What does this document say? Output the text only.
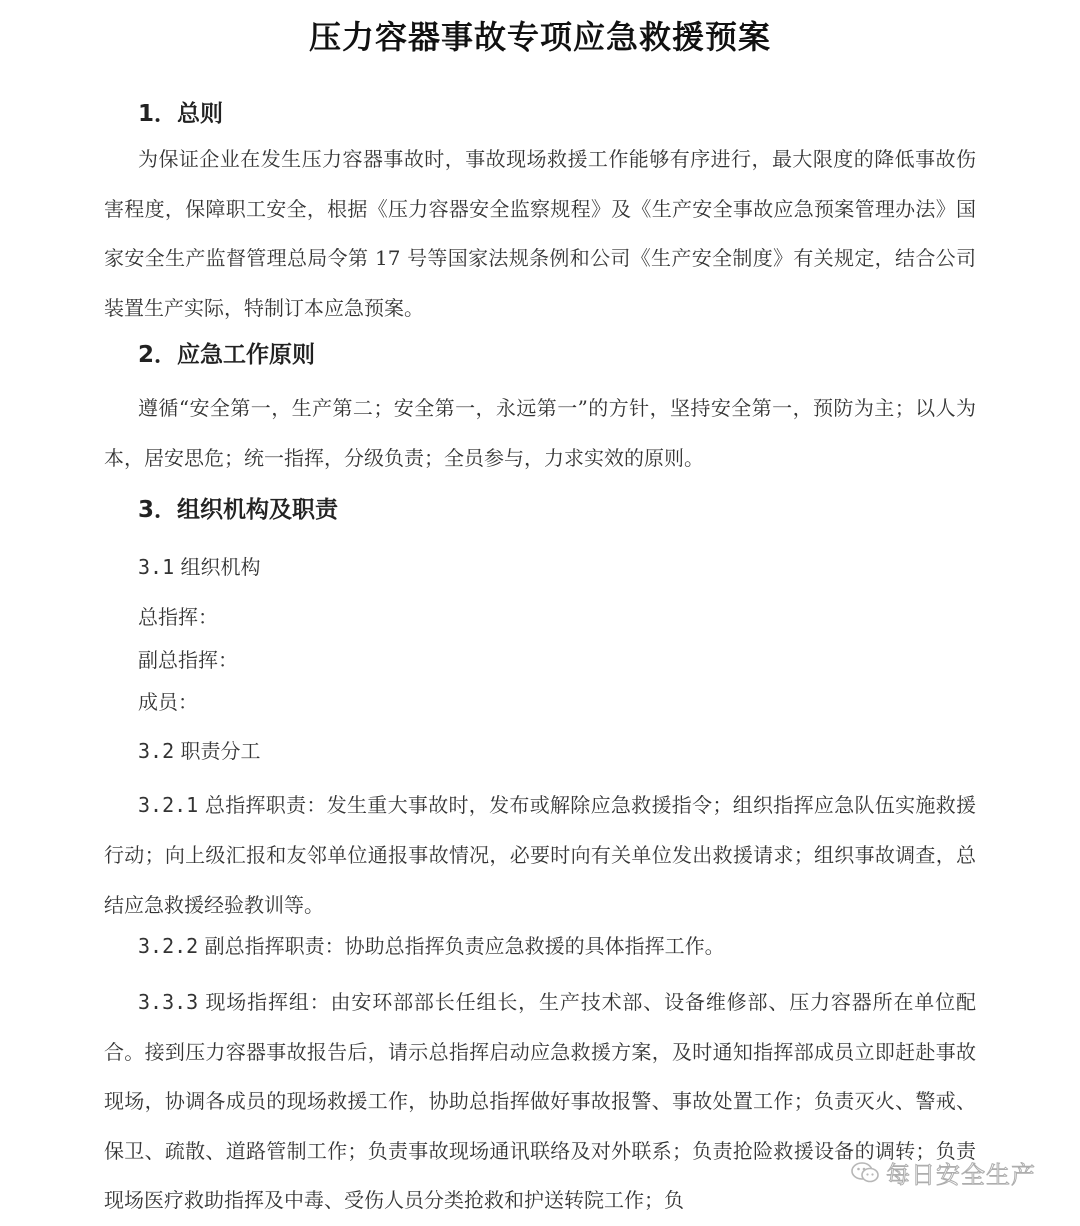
压力容器事故专项应急救援预案
1．总则

为保证企业在发生压力容器事故时，事故现场救援工作能够有序进行，最大限度的降低事故伤害程度，保障职工安全，根据《压力容器安全监察规程》及《生产安全事故应急预案管理办法》国家安全生产监督管理总局令第 17 号等国家法规条例和公司《生产安全制度》有关规定，结合公司装置生产实际，特制订本应急预案。

2．应急工作原则

遵循“安全第一，生产第二；安全第一，永远第一”的方针，坚持安全第一，预防为主；以人为本，居安思危；统一指挥，分级负责；全员参与，力求实效的原则。

3．组织机构及职责

3.1 组织机构

总指挥：

副总指挥：

成员：

3.2 职责分工

3.2.1 总指挥职责：发生重大事故时，发布或解除应急救援指令；组织指挥应急队伍实施救援行动；向上级汇报和友邻单位通报事故情况，必要时向有关单位发出救援请求；组织事故调查，总结应急救援经验教训等。

3.2.2 副总指挥职责：协助总指挥负责应急救援的具体指挥工作。

3.3.3 现场指挥组：由安环部部长任组长，生产技术部、设备维修部、压力容器所在单位配合。接到压力容器事故报告后，请示总指挥启动应急救援方案，及时通知指挥部成员立即赶赴事故现场，协调各成员的现场救援工作，协助总指挥做好事故报警、事故处置工作；负责灭火、警戒、保卫、疏散、道路管制工作；负责事故现场通讯联络及对外联系；负责抢险救援设备的调转；负责现场医疗救助指挥及中毒、受伤人员分类抢救和护送转院工作；负

每日安全生产
